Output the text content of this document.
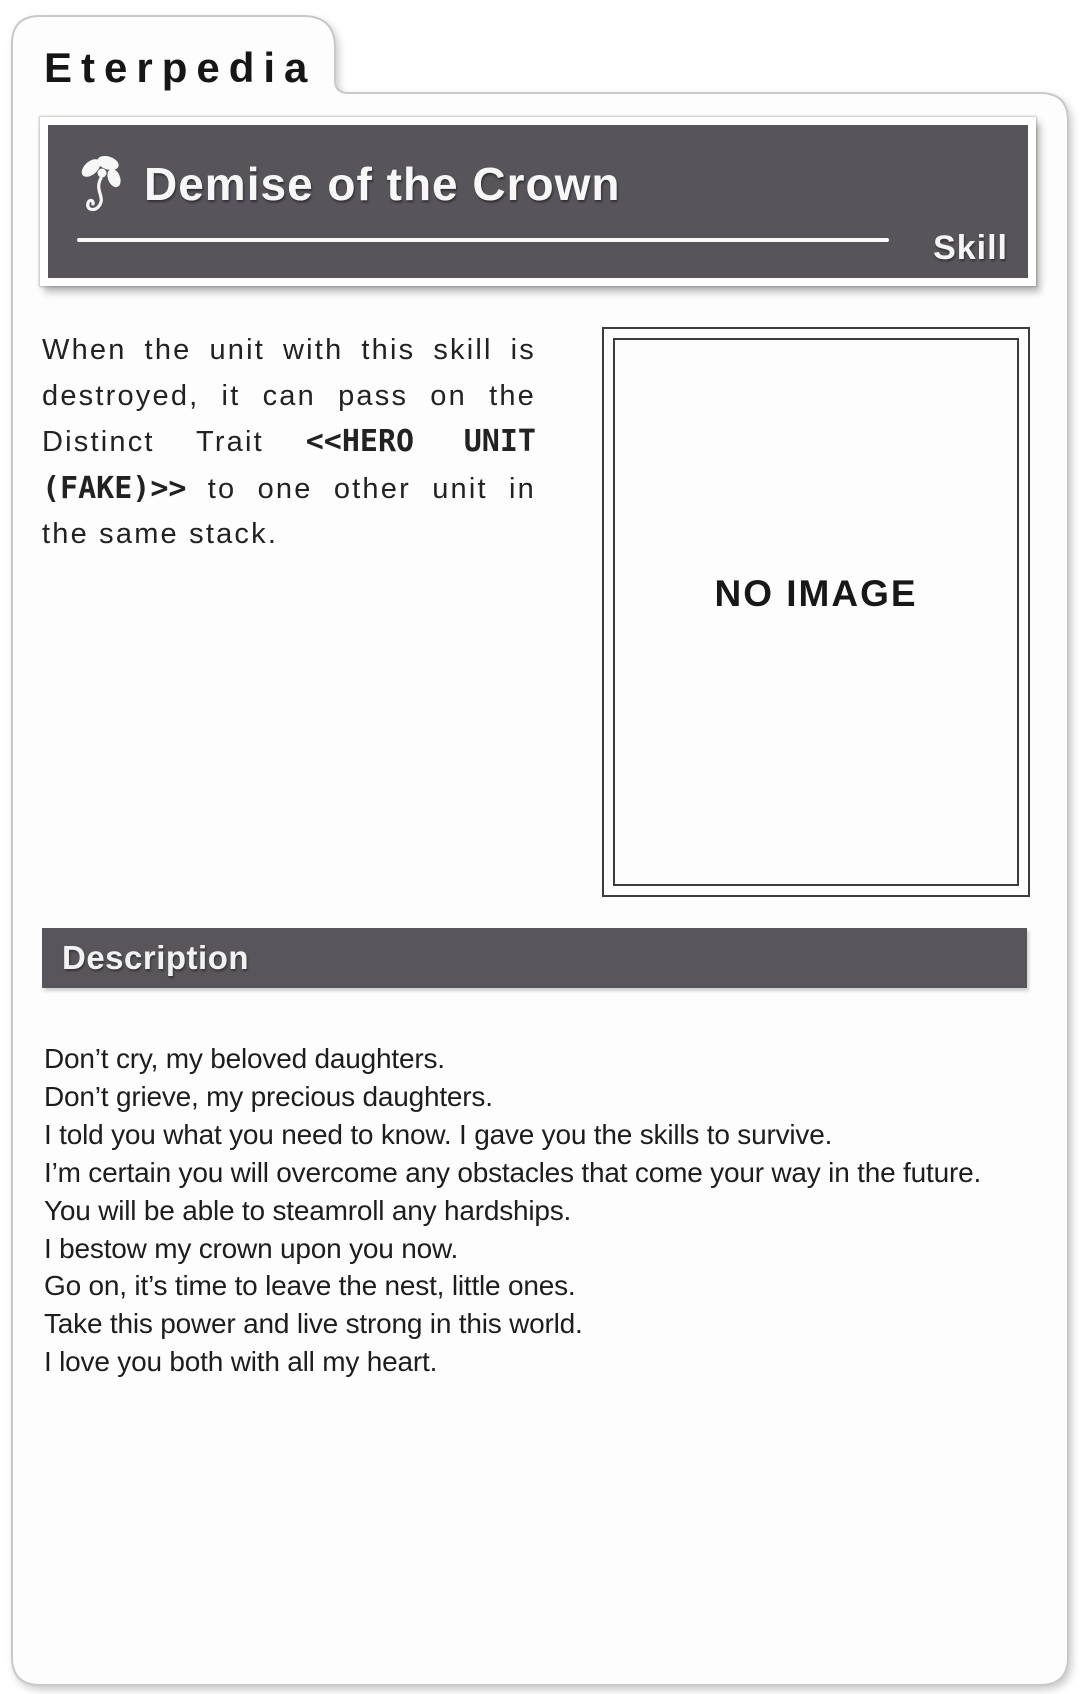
Eterpedia
Demise of the Crown
Skill

When the unit with this skill is destroyed, it can pass on the Distinct Trait <<HERO UNIT (FAKE)>> to one other unit in the same stack.

NO IMAGE
Description
Don’t cry, my beloved daughters.
Don’t grieve, my precious daughters.
I told you what you need to know. I gave you the skills to survive.
I’m certain you will overcome any obstacles that come your way in the future.
You will be able to steamroll any hardships.
I bestow my crown upon you now.
Go on, it’s time to leave the nest, little ones.
Take this power and live strong in this world.
I love you both with all my heart.
